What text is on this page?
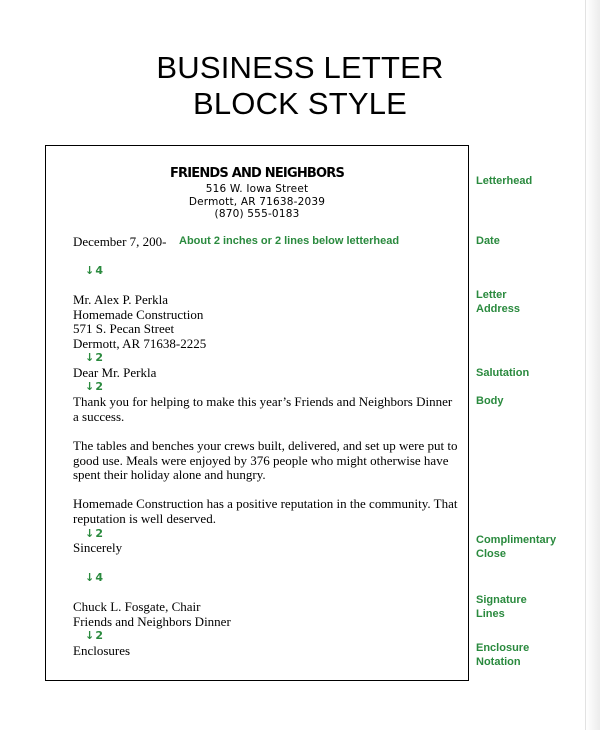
BUSINESS LETTER
BLOCK STYLE
FRIENDS AND NEIGHBORS
516 W. Iowa Street
Dermott, AR 71638-2039
(870) 555-0183
December 7, 200- About 2 inches or 2 lines below letterhead
↓ 4
Mr. Alex P. Perkla
Homemade Construction
571 S. Pecan Street
Dermott, AR 71638-2225
↓ 2
Dear Mr. Perkla
↓ 2
Thank you for helping to make this year’s Friends and Neighbors Dinner
a success.
The tables and benches your crews built, delivered, and set up were put to
good use. Meals were enjoyed by 376 people who might otherwise have
spent their holiday alone and hungry.
Homemade Construction has a positive reputation in the community. That
reputation is well deserved.
↓ 2
Sincerely
↓ 4
Chuck L. Fosgate, Chair
Friends and Neighbors Dinner
↓ 2
Enclosures
Letterhead
Date
Letter
Address
Salutation
Body
Complimentary
Close
Signature
Lines
Enclosure
Notation
